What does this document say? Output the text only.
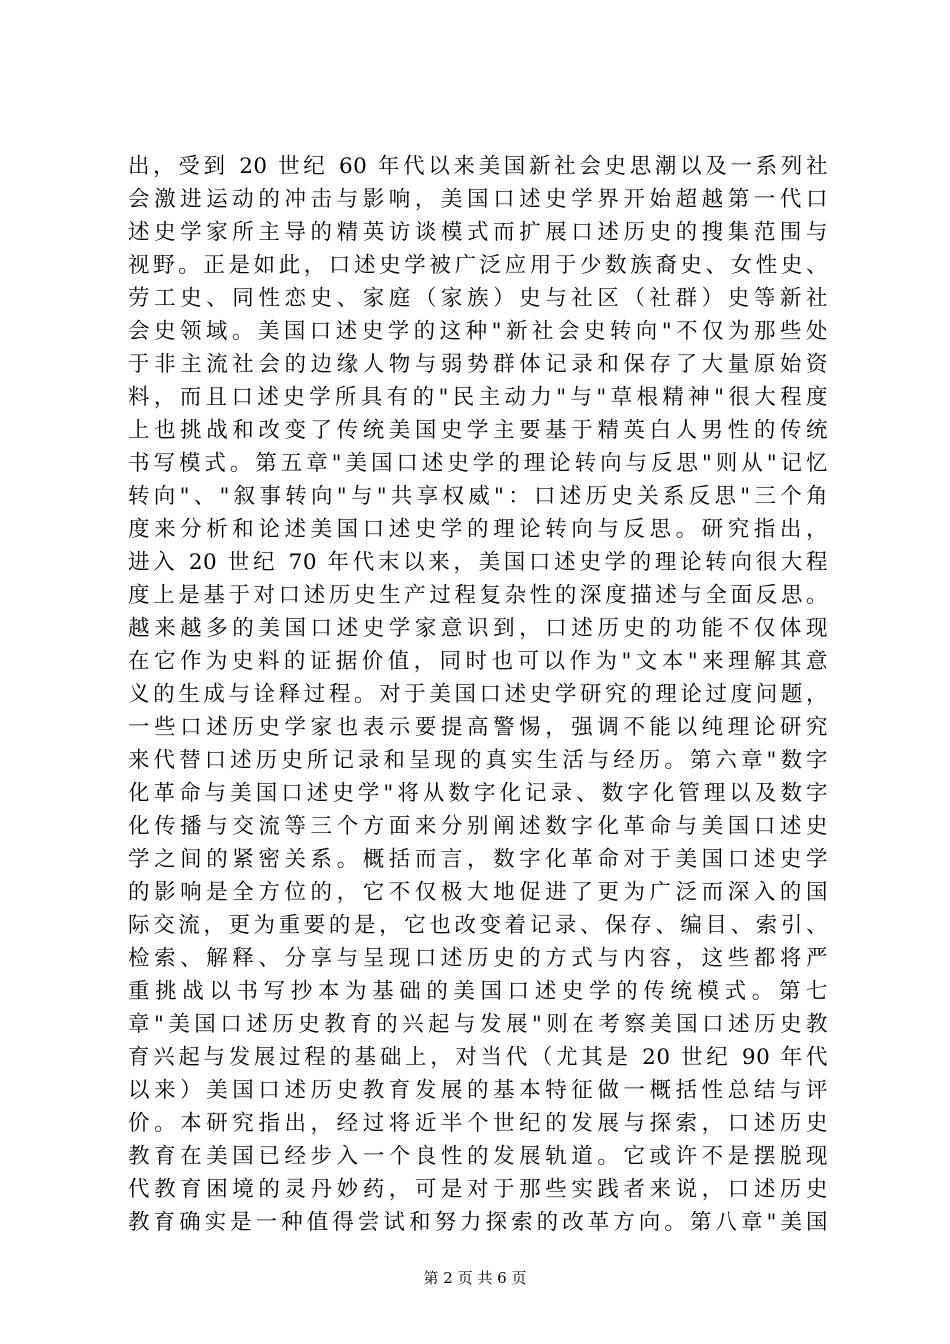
出，受到 20 世纪 60 年代以来美国新社会史思潮以及一系列社
会激进运动的冲击与影响，美国口述史学界开始超越第一代口
述史学家所主导的精英访谈模式而扩展口述历史的搜集范围与
视野。正是如此，口述史学被广泛应用于少数族裔史、女性史、
劳工史、同性恋史、家庭（家族）史与社区（社群）史等新社
会史领域。美国口述史学的这种"新社会史转向"不仅为那些处
于非主流社会的边缘人物与弱势群体记录和保存了大量原始资
料，而且口述史学所具有的"民主动力"与"草根精神"很大程度
上也挑战和改变了传统美国史学主要基于精英白人男性的传统
书写模式。第五章"美国口述史学的理论转向与反思"则从"记忆
转向"、"叙事转向"与"共享权威"：口述历史关系反思"三个角
度来分析和论述美国口述史学的理论转向与反思。研究指出，
进入 20 世纪 70 年代末以来，美国口述史学的理论转向很大程
度上是基于对口述历史生产过程复杂性的深度描述与全面反思。
越来越多的美国口述史学家意识到，口述历史的功能不仅体现
在它作为史料的证据价值，同时也可以作为"文本"来理解其意
义的生成与诠释过程。对于美国口述史学研究的理论过度问题，
一些口述历史学家也表示要提高警惕，强调不能以纯理论研究
来代替口述历史所记录和呈现的真实生活与经历。第六章"数字
化革命与美国口述史学"将从数字化记录、数字化管理以及数字
化传播与交流等三个方面来分别阐述数字化革命与美国口述史
学之间的紧密关系。概括而言，数字化革命对于美国口述史学
的影响是全方位的，它不仅极大地促进了更为广泛而深入的国
际交流，更为重要的是，它也改变着记录、保存、编目、索引、
检索、解释、分享与呈现口述历史的方式与内容，这些都将严
重挑战以书写抄本为基础的美国口述史学的传统模式。第七
章"美国口述历史教育的兴起与发展"则在考察美国口述历史教
育兴起与发展过程的基础上，对当代（尤其是 20 世纪 90 年代
以来）美国口述历史教育发展的基本特征做一概括性总结与评
价。本研究指出，经过将近半个世纪的发展与探索，口述历史
教育在美国已经步入一个良性的发展轨道。它或许不是摆脱现
代教育困境的灵丹妙药，可是对于那些实践者来说，口述历史
教育确实是一种值得尝试和努力探索的改革方向。第八章"美国
第 2 页 共 6 页
